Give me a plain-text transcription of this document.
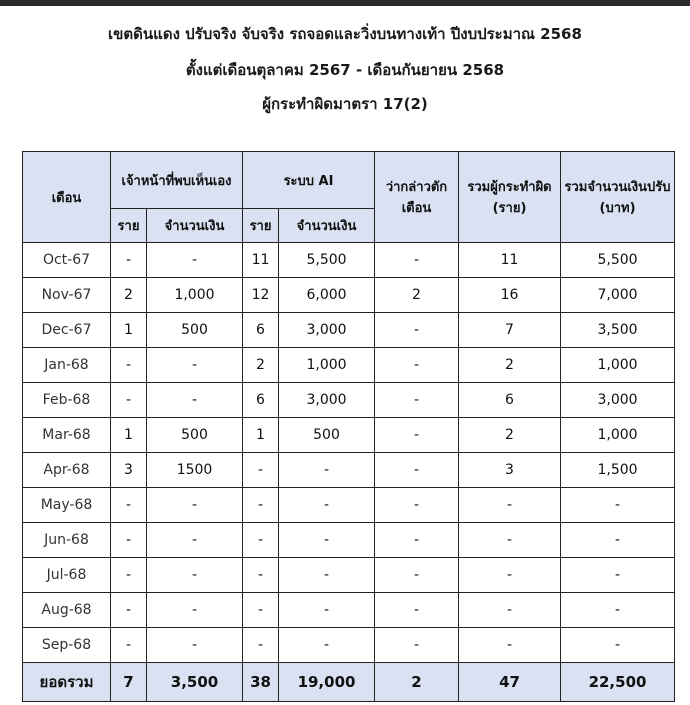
เขตดินแดง ปรับจริง จับจริง รถจอดและวิ่งบนทางเท้า ปีงบประมาณ 2568
ตั้งแต่เดือนตุลาคม 2567 - เดือนกันยายน 2568
ผู้กระทำผิดมาตรา 17(2)
เดือน	เจ้าหน้าที่พบเห็นเอง		ระบบ AI		ว่ากล่าวตักเตือน	รวมผู้กระทำผิด (ราย)	รวมจำนวนเงินปรับ (บาท)
	ราย	จำนวนเงิน	ราย	จำนวนเงิน			
Oct-67	-	-	11	5,500	-	11	5,500
Nov-67	2	1,000	12	6,000	2	16	7,000
Dec-67	1	500	6	3,000	-	7	3,500
Jan-68	-	-	2	1,000	-	2	1,000
Feb-68	-	-	6	3,000	-	6	3,000
Mar-68	1	500	1	500	-	2	1,000
Apr-68	3	1500	-	-	-	3	1,500
May-68	-	-	-	-	-	-	-
Jun-68	-	-	-	-	-	-	-
Jul-68	-	-	-	-	-	-	-
Aug-68	-	-	-	-	-	-	-
Sep-68	-	-	-	-	-	-	-
ยอดรวม	7	3,500	38	19,000	2	47	22,500
